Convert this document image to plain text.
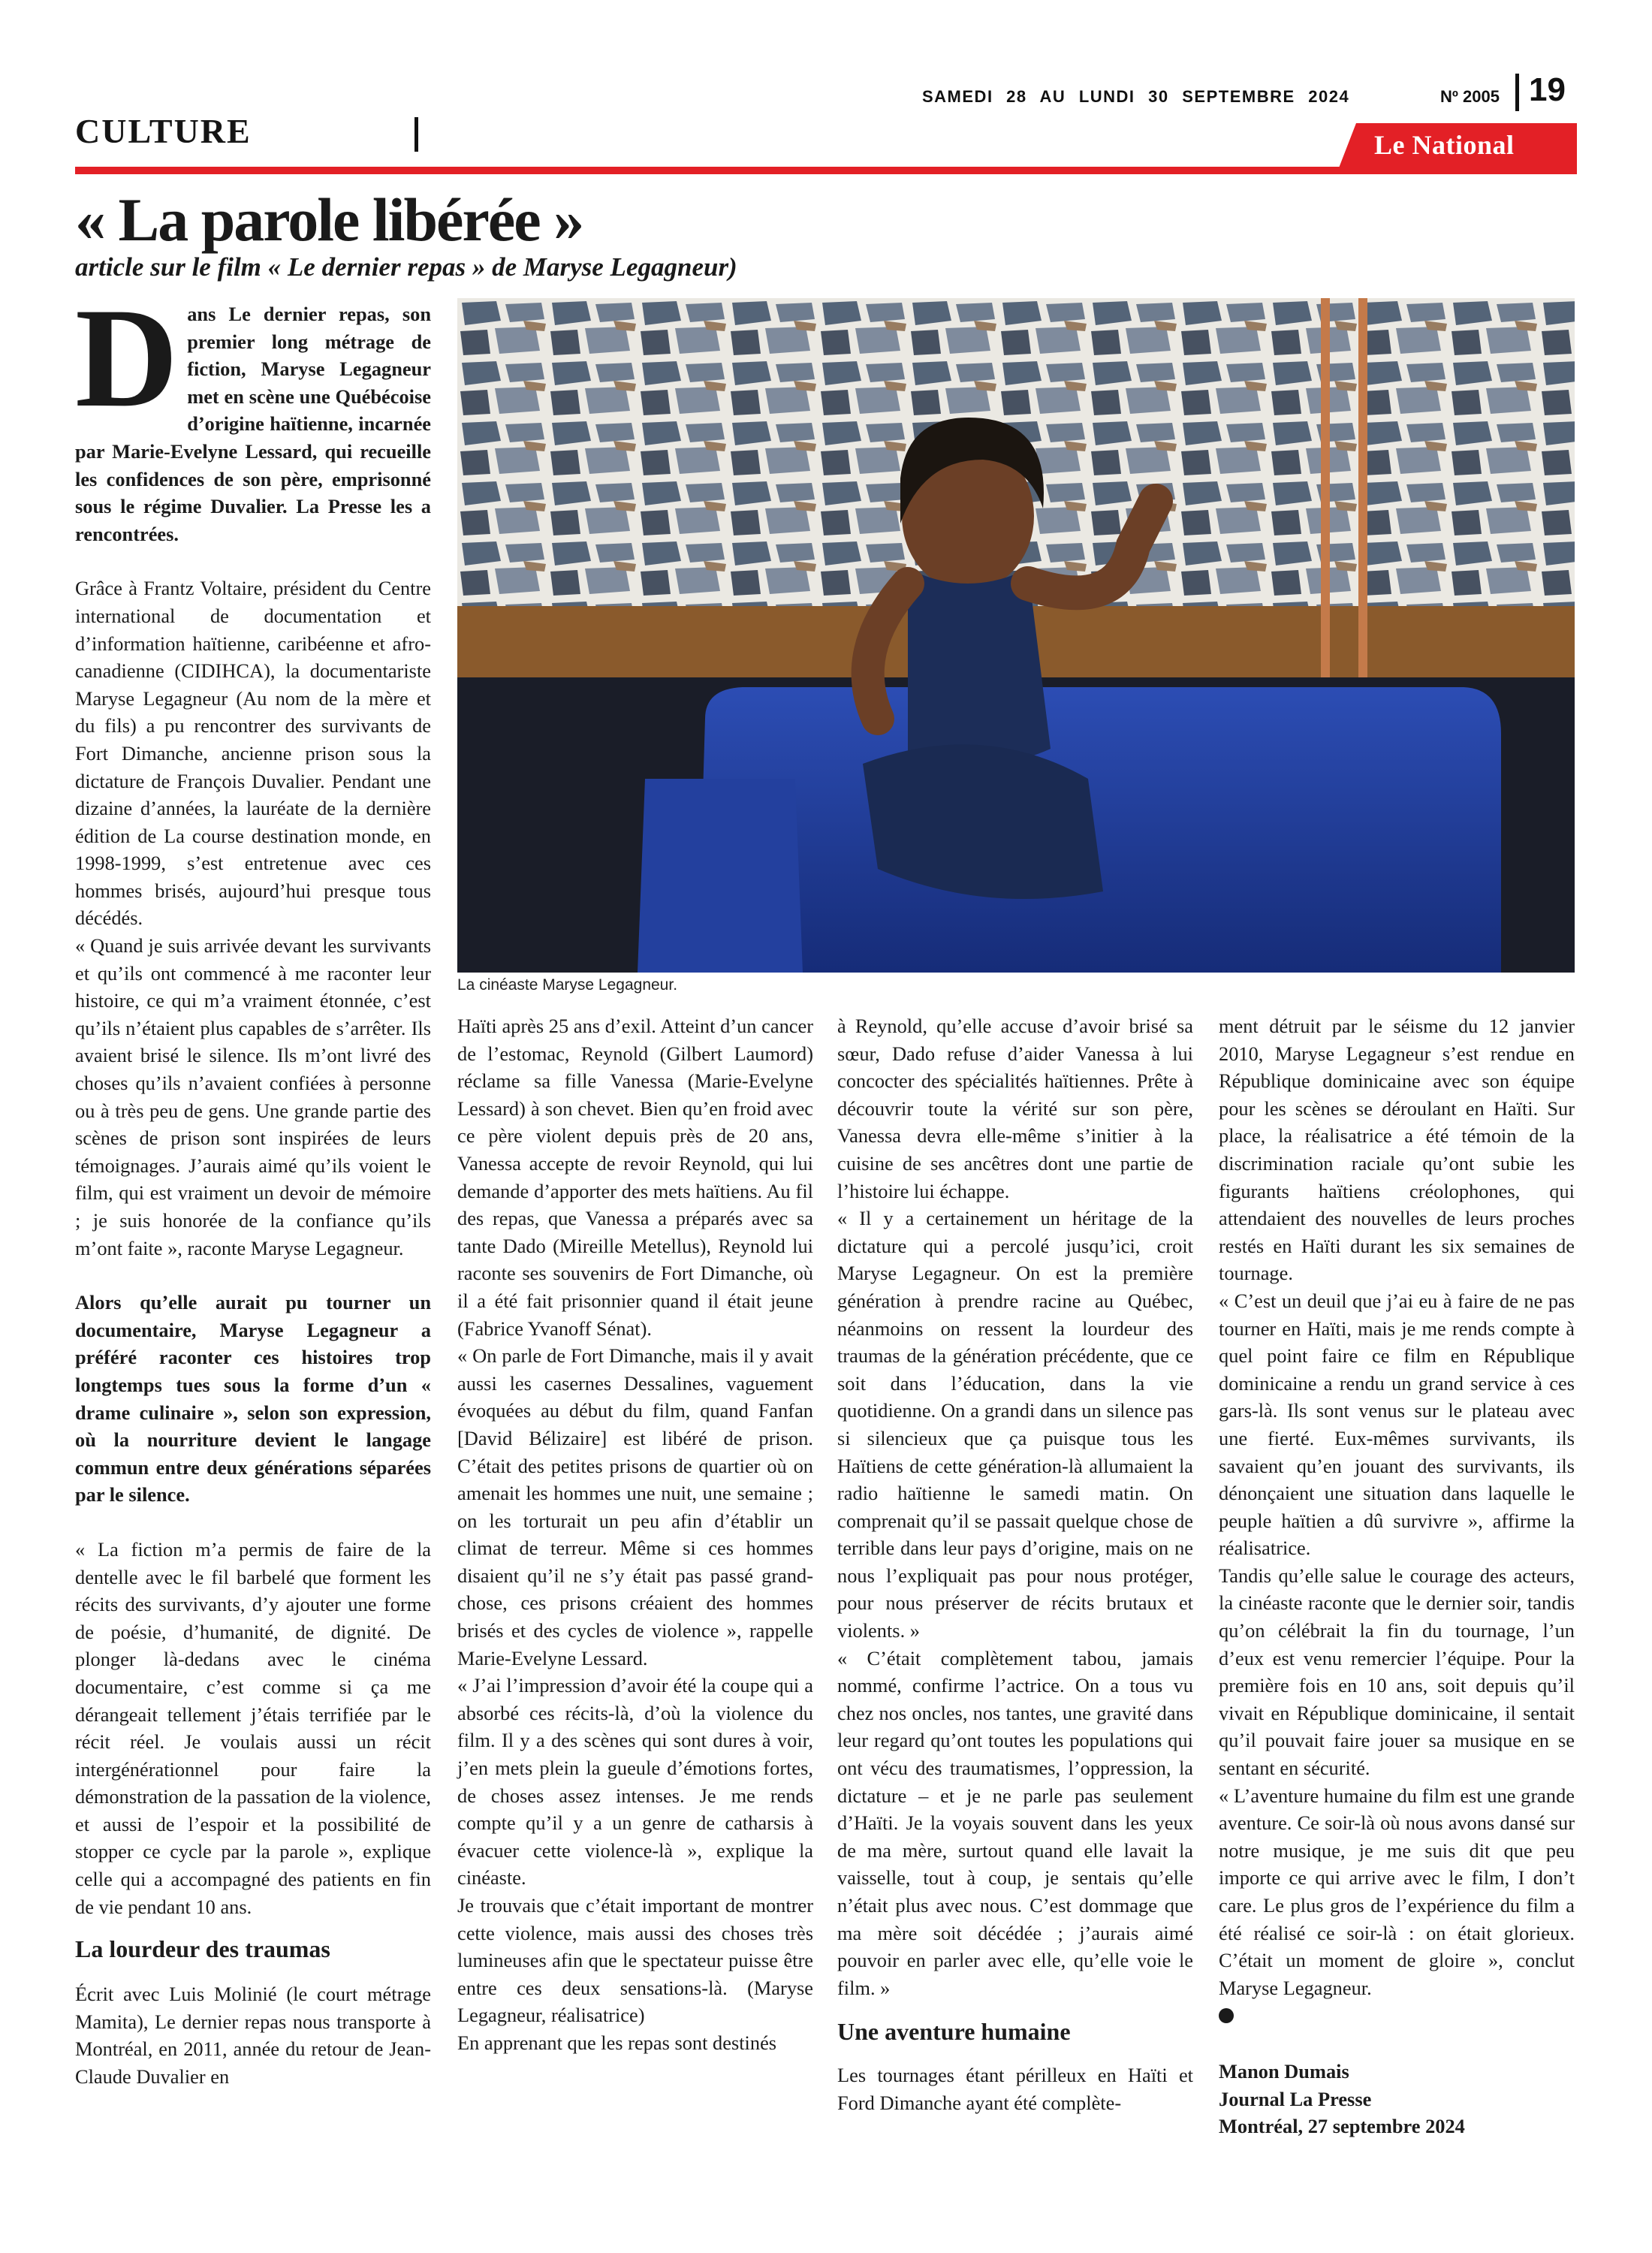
CULTURE
SAMEDI 28 AU LUNDI 30 SEPTEMBRE 2024	Nº 2005 19
Le National
« La parole libérée »
article sur le film « Le dernier repas » de Maryse Legagneur)

Dans Le dernier repas, son premier long métrage de fiction, Maryse Legagneur met en scène une Québécoise d’origine haïtienne, incarnée par Marie-Evelyne Lessard, qui recueille les confidences de son père, emprisonné sous le régime Duvalier. La Presse les a rencontrées.

Grâce à Frantz Voltaire, président du Centre international de documentation et d’information haïtienne, caribéenne et afro-canadienne (CIDIHCA), la documentariste Maryse Legagneur (Au nom de la mère et du fils) a pu rencontrer des survivants de Fort Dimanche, ancienne prison sous la dictature de François Duvalier. Pendant une dizaine d’années, la lauréate de la dernière édition de La course destination monde, en 1998-1999, s’est entretenue avec ces hommes brisés, aujourd’hui presque tous décédés.

« Quand je suis arrivée devant les survivants et qu’ils ont commencé à me raconter leur histoire, ce qui m’a vraiment étonnée, c’est qu’ils n’étaient plus capables de s’arrêter. Ils avaient brisé le silence. Ils m’ont livré des choses qu’ils n’avaient confiées à personne ou à très peu de gens. Une grande partie des scènes de prison sont inspirées de leurs témoignages. J’aurais aimé qu’ils voient le film, qui est vraiment un devoir de mémoire ; je suis honorée de la confiance qu’ils m’ont faite », raconte Maryse Legagneur.

Alors qu’elle aurait pu tourner un documentaire, Maryse Legagneur a préféré raconter ces histoires trop longtemps tues sous la forme d’un « drame culinaire », selon son expression, où la nourriture devient le langage commun entre deux générations séparées par le silence.

« La fiction m’a permis de faire de la dentelle avec le fil barbelé que forment les récits des survivants, d’y ajouter une forme de poésie, d’humanité, de dignité. De plonger là-dedans avec le cinéma documentaire, c’est comme si ça me dérangeait tellement j’étais terrifiée par le récit réel. Je voulais aussi un récit intergénérationnel pour faire la démonstration de la passation de la violence, et aussi de l’espoir et la possibilité de stopper ce cycle par la parole », explique celle qui a accompagné des patients en fin de vie pendant 10 ans.

La lourdeur des traumas

Écrit avec Luis Molinié (le court métrage Mamita), Le dernier repas nous transporte à Montréal, en 2011, année du retour de Jean-Claude Duvalier en

La cinéaste Maryse Legagneur.

Haïti après 25 ans d’exil. Atteint d’un cancer de l’estomac, Reynold (Gilbert Laumord) réclame sa fille Vanessa (Marie-Evelyne Lessard) à son chevet. Bien qu’en froid avec ce père violent depuis près de 20 ans, Vanessa accepte de revoir Reynold, qui lui demande d’apporter des mets haïtiens. Au fil des repas, que Vanessa a préparés avec sa tante Dado (Mireille Metellus), Reynold lui raconte ses souvenirs de Fort Dimanche, où il a été fait prisonnier quand il était jeune (Fabrice Yvanoff Sénat).

« On parle de Fort Dimanche, mais il y avait aussi les casernes Dessalines, vaguement évoquées au début du film, quand Fanfan [David Bélizaire] est libéré de prison. C’était des petites prisons de quartier où on amenait les hommes une nuit, une semaine ; on les torturait un peu afin d’établir un climat de terreur. Même si ces hommes disaient qu’il ne s’y était pas passé grand-chose, ces prisons créaient des hommes brisés et des cycles de violence », rappelle Marie-Evelyne Lessard.

« J’ai l’impression d’avoir été la coupe qui a absorbé ces récits-là, d’où la violence du film. Il y a des scènes qui sont dures à voir, j’en mets plein la gueule d’émotions fortes, de choses assez intenses. Je me rends compte qu’il y a un genre de catharsis à évacuer cette violence-là », explique la cinéaste.

Je trouvais que c’était important de montrer cette violence, mais aussi des choses très lumineuses afin que le spectateur puisse être entre ces deux sensations-là. (Maryse Legagneur, réalisatrice)

En apprenant que les repas sont destinés

à Reynold, qu’elle accuse d’avoir brisé sa sœur, Dado refuse d’aider Vanessa à lui concocter des spécialités haïtiennes. Prête à découvrir toute la vérité sur son père, Vanessa devra elle-même s’initier à la cuisine de ses ancêtres dont une partie de l’histoire lui échappe.

« Il y a certainement un héritage de la dictature qui a percolé jusqu’ici, croit Maryse Legagneur. On est la première génération à prendre racine au Québec, néanmoins on ressent la lourdeur des traumas de la génération précédente, que ce soit dans l’éducation, dans la vie quotidienne. On a grandi dans un silence pas si silencieux que ça puisque tous les Haïtiens de cette génération-là allumaient la radio haïtienne le samedi matin. On comprenait qu’il se passait quelque chose de terrible dans leur pays d’origine, mais on ne nous l’expliquait pas pour nous protéger, pour nous préserver de récits brutaux et violents. »

« C’était complètement tabou, jamais nommé, confirme l’actrice. On a tous vu chez nos oncles, nos tantes, une gravité dans leur regard qu’ont toutes les populations qui ont vécu des traumatismes, l’oppression, la dictature – et je ne parle pas seulement d’Haïti. Je la voyais souvent dans les yeux de ma mère, surtout quand elle lavait la vaisselle, tout à coup, je sentais qu’elle n’était plus avec nous. C’est dommage que ma mère soit décédée ; j’aurais aimé pouvoir en parler avec elle, qu’elle voie le film. »

Une aventure humaine

Les tournages étant périlleux en Haïti et Ford Dimanche ayant été complète-

ment détruit par le séisme du 12 janvier 2010, Maryse Legagneur s’est rendue en République dominicaine avec son équipe pour les scènes se déroulant en Haïti. Sur place, la réalisatrice a été témoin de la discrimination raciale qu’ont subie les figurants haïtiens créolophones, qui attendaient des nouvelles de leurs proches restés en Haïti durant les six semaines de tournage.

« C’est un deuil que j’ai eu à faire de ne pas tourner en Haïti, mais je me rends compte à quel point faire ce film en République dominicaine a rendu un grand service à ces gars-là. Ils sont venus sur le plateau avec une fierté. Eux-mêmes survivants, ils savaient qu’en jouant des survivants, ils dénonçaient une situation dans laquelle le peuple haïtien a dû survivre », affirme la réalisatrice.

Tandis qu’elle salue le courage des acteurs, la cinéaste raconte que le dernier soir, tandis qu’on célébrait la fin du tournage, l’un d’eux est venu remercier l’équipe. Pour la première fois en 10 ans, soit depuis qu’il vivait en République dominicaine, il sentait qu’il pouvait faire jouer sa musique en se sentant en sécurité.

« L’aventure humaine du film est une grande aventure. Ce soir-là où nous avons dansé sur notre musique, je me suis dit que peu importe ce qui arrive avec le film, I don’t care. Le plus gros de l’expérience du film a été réalisé ce soir-là : on était glorieux. C’était un moment de gloire », conclut Maryse Legagneur.

Manon Dumais

Journal La Presse

Montréal, 27 septembre 2024
